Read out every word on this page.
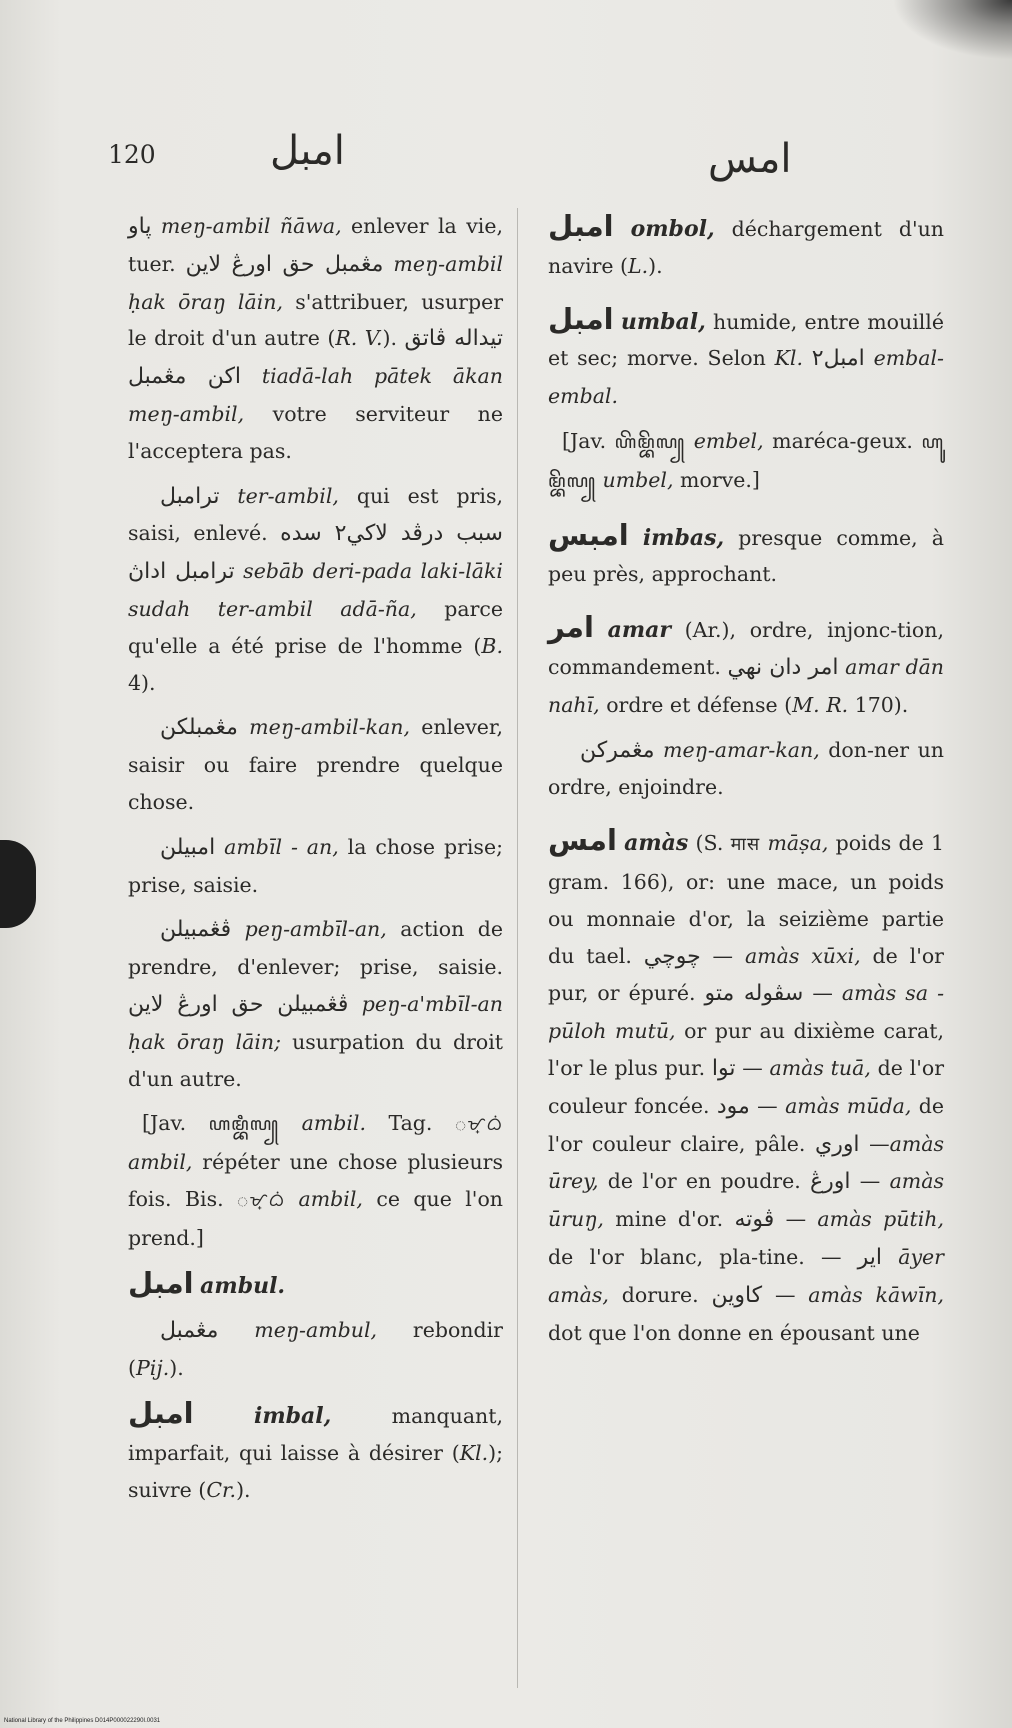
120	امبل	امس

ڽاو meŋ-ambil ñāwa, enlever la vie, tuer. مڠمبل حق اورڠ لاين meŋ-ambil ḥak ōraŋ lāin, s'attribuer, usurper le droit d'un autre (R. V.). تيداله ڤاتق اكن مڠمبل tiadā-lah pātek ākan meŋ-ambil, votre serviteur ne l'acceptera pas.

ترامبل ter-ambil, qui est pris, saisi, enlevé. سبب درڤد لاكي٢ سده ترامبل اداڽ sebāb deri-pada laki-lāki sudah ter-ambil adā-ña, parce qu'elle a été prise de l'homme (B. 4).

مڠمبلكن meŋ-ambil-kan, enlever, saisir ou faire prendre quelque chose.

امبيلن ambīl - an, la chose prise; prise, saisie.

ڤڠمبيلن peŋ-ambīl-an, action de prendre, d'enlever; prise, saisie. ڤڠمبيلن حق اورڠ لاين peŋ-a'mbīl-an ḥak ōraŋ lāin; usurpation du droit d'un autre.

[Jav. ꦲꦩ꧀ꦧꦶꦭ꧀ ambil. Tag. ᜀᜋ᜔ᜊᜒ ambil, répéter une chose plusieurs fois. Bis. ᜀᜋ᜔ᜊᜒ ambil, ce que l'on prend.]

امبل ambul.

مڠمبل meŋ-ambul, rebondir (Pij.).

امبل	imbal, manquant, imparfait, qui laisse à désirer (Kl.); suivre (Cr.).

امبل ombol, déchargement d'un navire (L.).

امبل umbal, humide, entre mouillé et sec; morve. Selon Kl. امبل٢ embal-embal.

[Jav. ꦲꦼꦩ꧀ꦧꦼꦭ꧀ embel, maréca-geux. ꦲꦸꦩ꧀ꦧꦼꦭ꧀ umbel, morve.]

امبس imbas, presque comme, à peu près, approchant.

امر amar (Ar.), ordre, injonc-tion, commandement. امر دان نهي amar dān nahī, ordre et défense (M. R. 170).

مڠمرکن meŋ-amar-kan, don-ner un ordre, enjoindre.

امس amàs (S. मास māṣa, poids de 1 gram. 166), or: une mace, un poids ou monnaie d'or, la seizième partie du tael. چوچي — amàs xūxi, de l'or pur, or épuré. سڤوله متو — amàs sa - pūloh mutū, or pur au dixième carat, l'or le plus pur. توا — amàs tuā, de l'or couleur foncée. مود — amàs mūda, de l'or couleur claire, pâle. اوري —amàs ūrey, de l'or en poudre. اورڠ — amàs ūruŋ, mine d'or. ڤوته — amàs pūtih, de l'or blanc, pla-tine. — اير āyer amàs, dorure. كاوين — amàs kāwīn, dot que l'on donne en épousant une

National Library of the Philippines D014P000022290I.0031
